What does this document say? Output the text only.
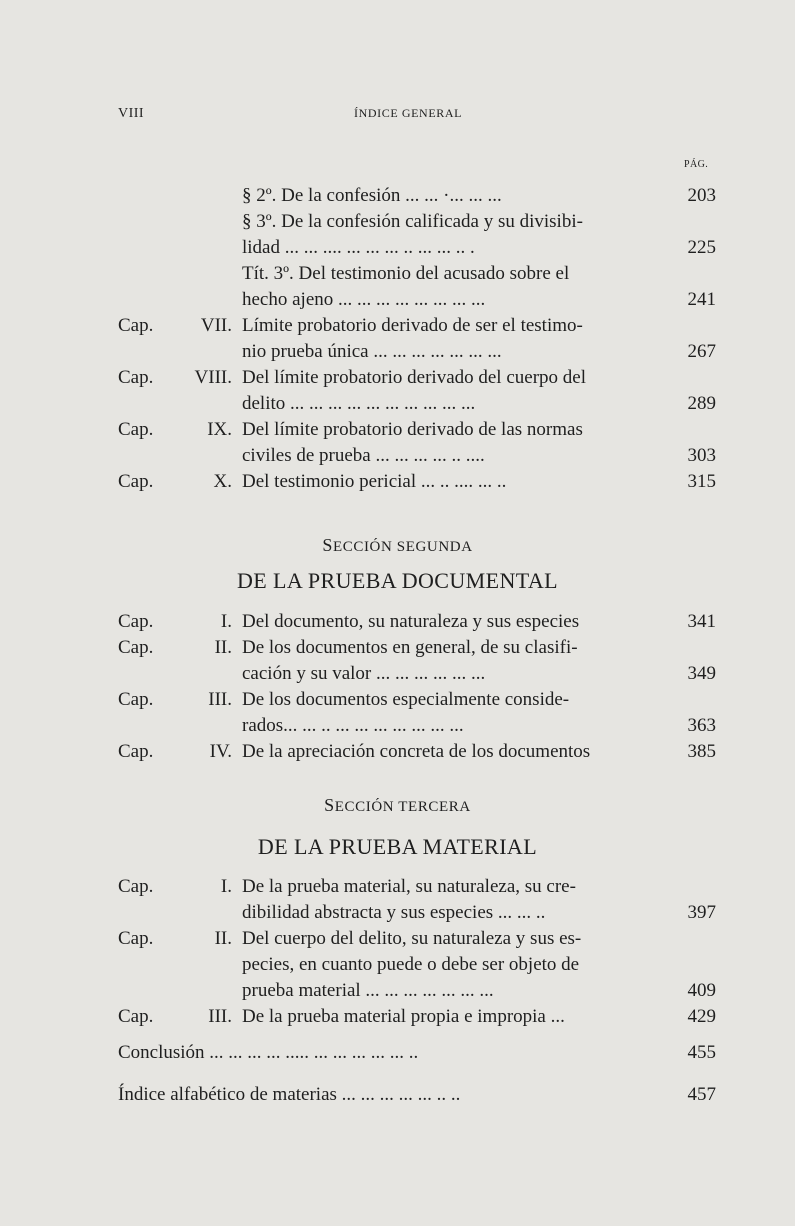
VIII	ÍNDICE GENERAL
PÁG.
§ 2º. De la confesión ... ... ·... ... ...	203
§ 3º. De la confesión calificada y su divisibi-
lidad ... ... .... ... ... ... .. ... ... .. .	225
Tít. 3º. Del testimonio del acusado sobre el
hecho ajeno ... ... ... ... ... ... ... ...	241
Cap.	VII. Límite probatorio derivado de ser el testimo-
nio prueba única ... ... ... ... ... ... ...	267
Cap.	VIII. Del límite probatorio derivado del cuerpo del
delito ... ... ... ... ... ... ... ... ... ...	289
Cap.	IX. Del límite probatorio derivado de las normas
civiles de prueba ... ... ... ... .. ....	303
Cap.	X. Del testimonio pericial ... .. .... ... ..	315
SECCIÓN SEGUNDA
DE LA PRUEBA DOCUMENTAL
Cap.	I. Del documento, su naturaleza y sus especies	341
Cap.	II. De los documentos en general, de su clasifi-
cación y su valor ... ... ... ... ... ...	349
Cap.	III. De los documentos especialmente conside-
rados... ... .. ... ... ... ... ... ... ...	363
Cap.	IV. De la apreciación concreta de los documentos	385
SECCIÓN TERCERA
DE LA PRUEBA MATERIAL
Cap.	I. De la prueba material, su naturaleza, su cre-
dibilidad abstracta y sus especies ... ... ..	397
Cap.	II. Del cuerpo del delito, su naturaleza y sus es-
pecies, en cuanto puede o debe ser objeto de
prueba material ... ... ... ... ... ... ...	409
Cap.	III. De la prueba material propia e impropia ...	429
Conclusión ... ... ... ... ..... ... ... ... ... ... ..	455
Índice alfabético de materias ... ... ... ... ... .. ..	457
